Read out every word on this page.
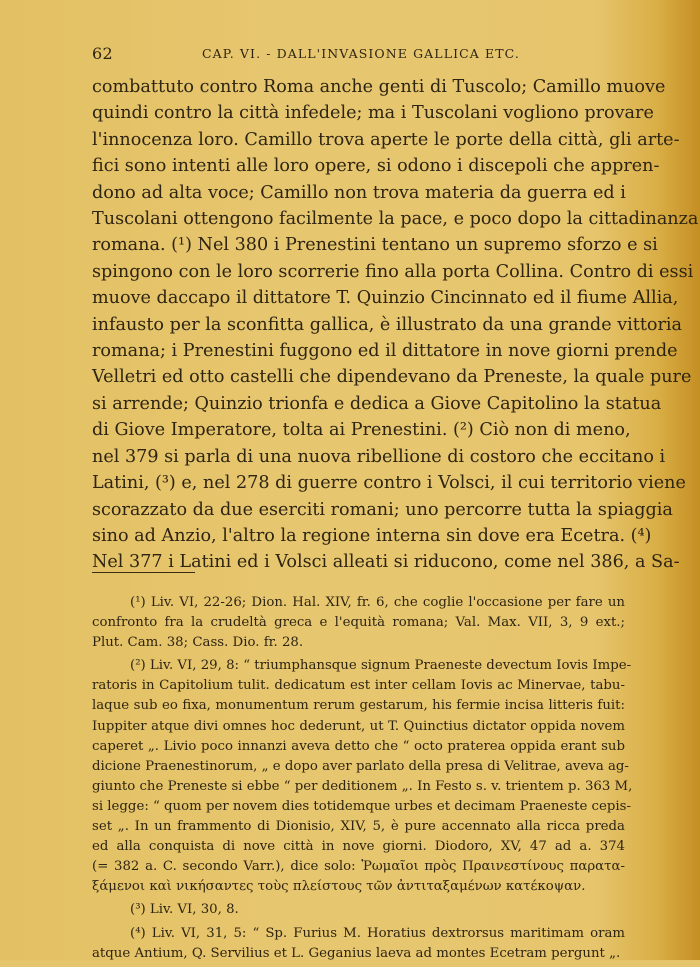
62	CAP. VI. - DALL'INVASIONE GALLICA ETC.
combattuto contro Roma anche genti di Tuscolo; Camillo muove
quindi contro la città infedele; ma i Tuscolani vogliono provare
l'innocenza loro. Camillo trova aperte le porte della città, gli arte-
fici sono intenti alle loro opere, si odono i discepoli che appren-
dono ad alta voce; Camillo non trova materia da guerra ed i
Tuscolani ottengono facilmente la pace, e poco dopo la cittadinanza
romana. (¹) Nel 380 i Prenestini tentano un supremo sforzo e si
spingono con le loro scorrerie fino alla porta Collina. Contro di essi
muove daccapo il dittatore T. Quinzio Cincinnato ed il fiume Allia,
infausto per la sconfitta gallica, è illustrato da una grande vittoria
romana; i Prenestini fuggono ed il dittatore in nove giorni prende
Velletri ed otto castelli che dipendevano da Preneste, la quale pure
si arrende; Quinzio trionfa e dedica a Giove Capitolino la statua
di Giove Imperatore, tolta ai Prenestini. (²) Ciò non di meno,
nel 379 si parla di una nuova ribellione di costoro che eccitano i
Latini, (³) e, nel 278 di guerre contro i Volsci, il cui territorio viene
scorazzato da due eserciti romani; uno percorre tutta la spiaggia
sino ad Anzio, l'altro la regione interna sin dove era Ecetra. (⁴)
Nel 377 i Latini ed i Volsci alleati si riducono, come nel 386, a Sa-
(¹) Liv. VI, 22-26; Dion. Hal. XIV, fr. 6, che coglie l'occasione per fare un
confronto fra la crudeltà greca e l'equità romana; Val. Max. VII, 3, 9 ext.;
Plut. Cam. 38; Cass. Dio. fr. 28.
(²) Liv. VI, 29, 8: “ triumphansque signum Praeneste devectum Iovis Impe-
ratoris in Capitolium tulit. dedicatum est inter cellam Iovis ac Minervae, tabu-
laque sub eo fixa, monumentum rerum gestarum, his fermie incisa litteris fuit:
Iuppiter atque divi omnes hoc dederunt, ut T. Quinctius dictator oppida novem
caperet „. Livio poco innanzi aveva detto che “ octo praterea oppida erant sub
dicione Praenestinorum, „ e dopo aver parlato della presa di Velitrae, aveva ag-
giunto che Preneste si ebbe “ per deditionem „. In Festo s. v. trientem p. 363 M,
si legge: “ quom per novem dies totidemque urbes et decimam Praeneste cepis-
set „. In un frammento di Dionisio, XIV, 5, è pure accennato alla ricca preda
ed alla conquista di nove città in nove giorni. Diodoro, XV, 47 ad a. 374
(= 382 a. C. secondo Varr.), dice solo: Ῥωμαῖοι πρὸς Πραινεστίνους παρατα-
ξάμενοι καὶ νικήσαντες τοὺς πλείστους τῶν ἀντιταξαμένων κατέκοψαν.
(³) Liv. VI, 30, 8.
(⁴) Liv. VI, 31, 5: “ Sp. Furius M. Horatius dextrorsus maritimam oram
atque Antium, Q. Servilius et L. Geganius laeva ad montes Ecetram pergunt „.
